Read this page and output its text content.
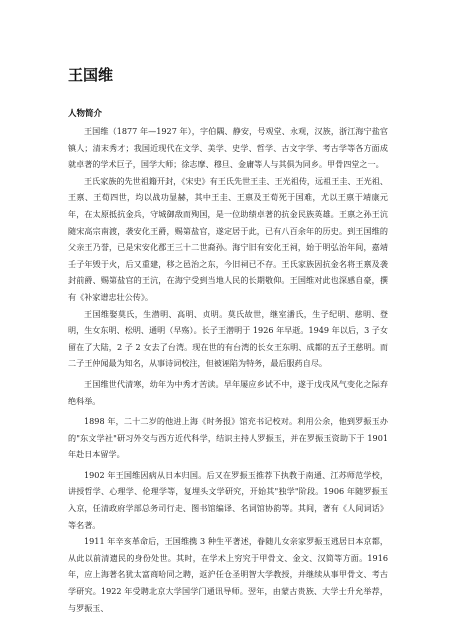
王国维
人物简介

王国维（1877 年—1927 年），字伯隅、静安，号观堂、永观，汉族，浙江海宁盐官镇人；清末秀才；我国近现代在文学、美学、史学、哲学、古文字学、考古学等各方面成就卓著的学术巨子，国学大师；徐志摩、穆旦、金庸等人与其俱为同乡。甲骨四堂之一。

王氏家族的先世祖籍开封，《宋史》有王氏先世王圭、王光祖传，远祖王圭、王光祖、王禀、王荀四世，均以战功显赫，其中王圭、王禀及王荀死于国难，尤以王禀于靖康元年，在太原抵抗金兵，守城御敌而殉国，是一位助绩卓著的抗金民族英雄。王禀之孙王沆随宋高宗南渡，袭安化王爵，赐第盐官，遂定居于此，已有八百余年的历史。到王国维的父亲王乃誉，已是宋安化郡王三十二世裔孙。海宁旧有安化王祠，始于明弘治年间，嘉靖壬子年毁于火，后又重建，移之邑治之东，今旧祠已不存。王氏家族因抗金名将王禀及袭封前爵、赐第盐官的王沆，在海宁受到当地人民的长期敬仰。王国维对此也深感自豪，撰有《补家谱忠壮公传》。

王国维娶莫氏，生潜明、高明、贞明。莫氏故世，继室潘氏，生子纪明、慈明、登明，生女东明、松明、通明（早殇）。长子王潜明于 1926 年早逝。1949 年以后，3 子女留在了大陆，2 子 2 女去了台湾。现在世的有台湾的长女王东明、成都的五子王慈明。而二子王仲闻最为知名，从事诗词校注，但被诬陷为特务，最后服药自尽。

王国维世代清寒，幼年为中秀才苦读。早年屡应乡试不中，遂于戊戌风气变化之际弃绝科举。

1898 年，二十二岁的他进上海《时务报》馆充书记校对。利用公余，他到罗振玉办的"东文学社"研习外交与西方近代科学，结识主持人罗振玉，并在罗振玉资助下于 1901 年赴日本留学。

1902 年王国维因病从日本归国。后又在罗振玉推荐下执教于南通、江苏师范学校，讲授哲学、心理学、伦理学等，复埋头文学研究，开始其"独学"阶段。1906 年随罗振玉入京，任清政府学部总务司行走、图书馆编译、名词馆协韵等。其间，著有《人间词话》等名著。

1911 年辛亥革命后，王国维携 3 种生平著述，眷随儿女亲家罗振玉逃居日本京都，从此以前清遗民的身份处世。其时，在学术上穷究于甲骨文、金文、汉简等方面。1916 年，应上海著名犹太富商哈同之聘，返沪任仓圣明智大学教授，并继续从事甲骨文、考古学研究。1922 年受聘北京大学国学门通讯导师。翌年，由蒙古贵族、大学士升允举荐，与罗振玉、
